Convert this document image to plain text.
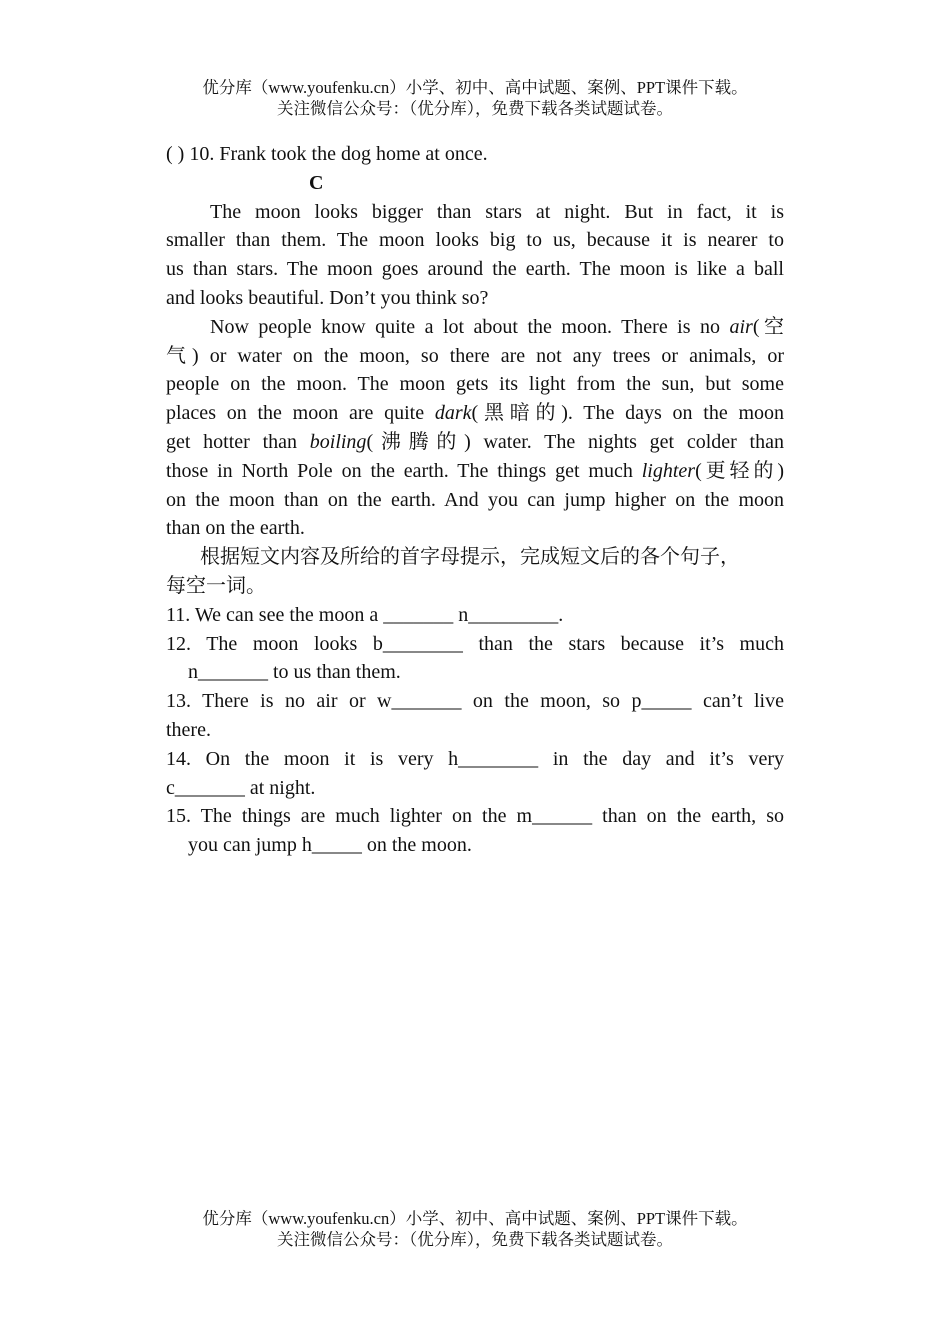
优分库（www.youfenku.cn）小学、初中、高中试题、案例、PPT课件下载。
关注微信公众号：（优分库），免费下载各类试题试卷。
( ) 10. Frank took the dog home at once.
C
The moon looks bigger than stars at night. But in fact, it is
smaller than them. The moon looks big to us, because it is nearer to
us than stars. The moon goes around the earth. The moon is like a ball
and looks beautiful. Don’t you think so?
Now people know quite a lot about the moon. There is no air(空
气) or water on the moon, so there are not any trees or animals, or
people on the moon. The moon gets its light from the sun, but some
places on the moon are quite dark(黑暗的). The days on the moon
get hotter than boiling(沸腾的) water. The nights get colder than
those in North Pole on the earth. The things get much lighter(更轻的)
on the moon than on the earth. And you can jump higher on the moon
than on the earth.
根据短文内容及所给的首字母提示，完成短文后的各个句子，
每空一词。
11. We can see the moon a _______ n_________.
12. The moon looks b________ than the stars because it’s much
n_______ to us than them.
13. There is no air or w_______ on the moon, so p_____ can’t live
there.
14. On the moon it is very h________ in the day and it’s very
c_______ at night.
15. The things are much lighter on the m______ than on the earth, so
you can jump h_____ on the moon.
优分库（www.youfenku.cn）小学、初中、高中试题、案例、PPT课件下载。
关注微信公众号：（优分库），免费下载各类试题试卷。
